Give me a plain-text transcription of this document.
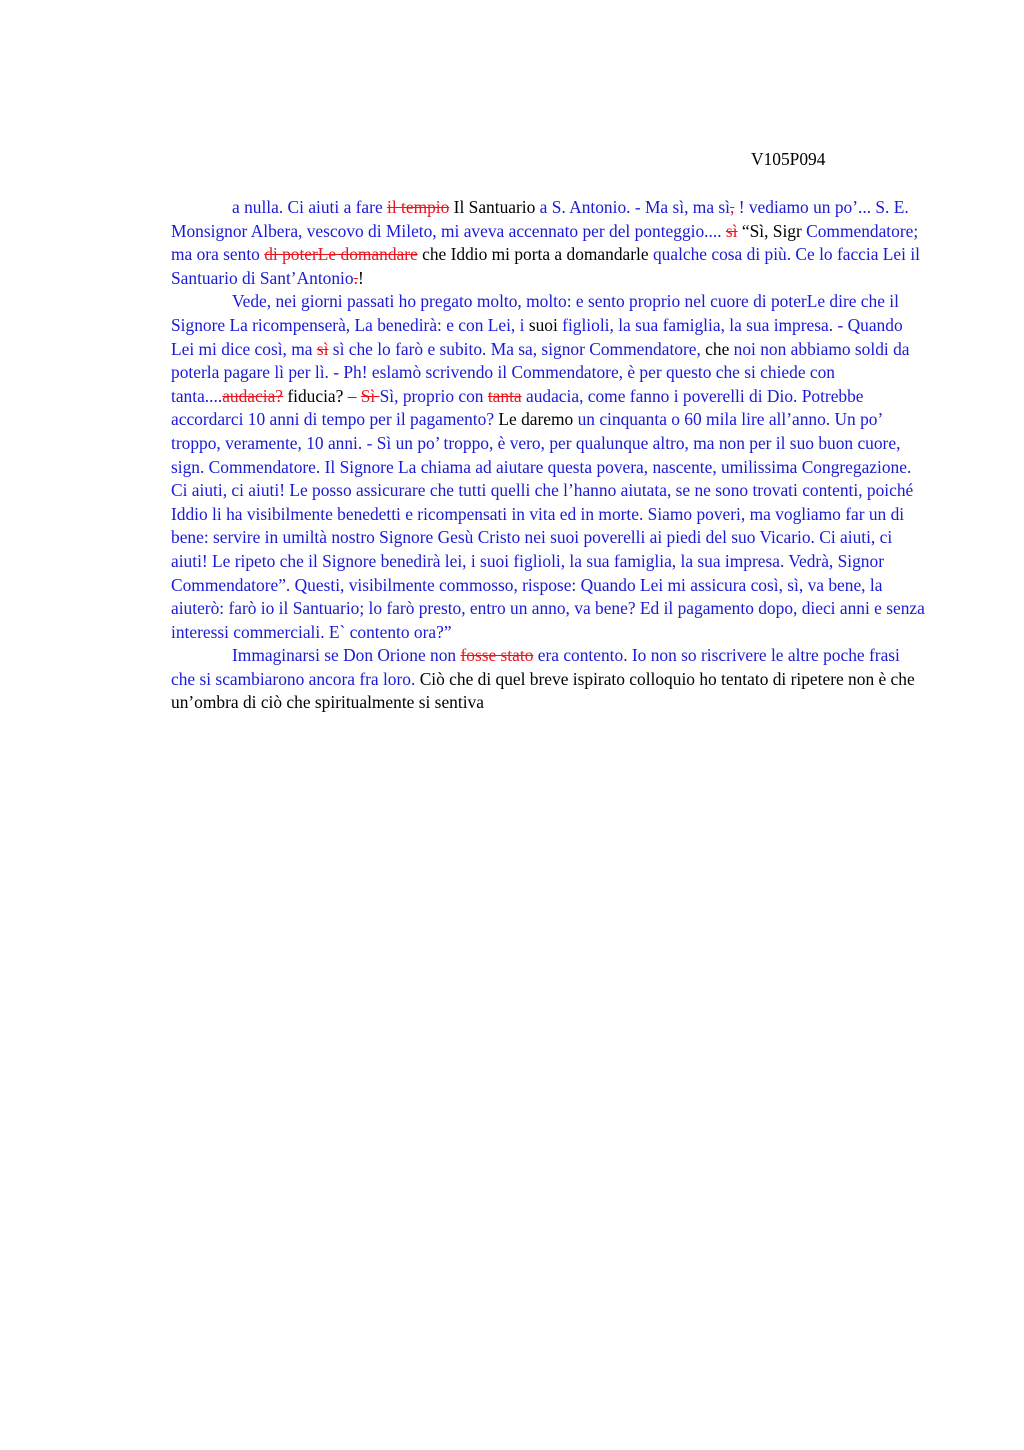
V105P094

a nulla. Ci aiuti a fare il tempio Il Santuario a S. Antonio. - Ma sì, ma sì, ! vediamo un po’... S. E. Monsignor Albera, vescovo di Mileto, mi aveva accennato per del ponteggio.... sì “Sì, Sigr Commendatore; ma ora sento di poterLe domandare che Iddio mi porta a domandarle qualche cosa di più. Ce lo faccia Lei il Santuario di Sant’Antonio.!

Vede, nei giorni passati ho pregato molto, molto: e sento proprio nel cuore di poterLe dire che il Signore La ricompenserà, La benedirà: e con Lei, i suoi figlioli, la sua famiglia, la sua impresa. - Quando Lei mi dice così, ma sì sì che lo farò e subito. Ma sa, signor Commendatore, che noi non abbiamo soldi da poterla pagare lì per lì. - Ph! eslamò scrivendo il Commendatore, è per questo che si chiede con tanta....audacia? fiducia? – Sì Sì, proprio con tanta audacia, come fanno i poverelli di Dio. Potrebbe accordarci 10 anni di tempo per il pagamento? Le daremo un cinquanta o 60 mila lire all’anno. Un po’ troppo, veramente, 10 anni. - Sì un po’ troppo, è vero, per qualunque altro, ma non per il suo buon cuore, sign. Commendatore. Il Signore La chiama ad aiutare questa povera, nascente, umilissima Congregazione. Ci aiuti, ci aiuti! Le posso assicurare che tutti quelli che l’hanno aiutata, se ne sono trovati contenti, poiché Iddio li ha visibilmente benedetti e ricompensati in vita ed in morte. Siamo poveri, ma vogliamo far un di bene: servire in umiltà nostro Signore Gesù Cristo nei suoi poverelli ai piedi del suo Vicario. Ci aiuti, ci aiuti! Le ripeto che il Signore benedirà lei, i suoi figlioli, la sua famiglia, la sua impresa. Vedrà, Signor Commendatore”. Questi, visibilmente commosso, rispose: Quando Lei mi assicura così, sì, va bene, la aiuterò: farò io il Santuario; lo farò presto, entro un anno, va bene? Ed il pagamento dopo, dieci anni e senza interessi commerciali. E` contento ora?”

Immaginarsi se Don Orione non fosse stato era contento. Io non so riscrivere le altre poche frasi che si scambiarono ancora fra loro. Ciò che di quel breve ispirato colloquio ho tentato di ripetere non è che un’ombra di ciò che spiritualmente si sentiva
